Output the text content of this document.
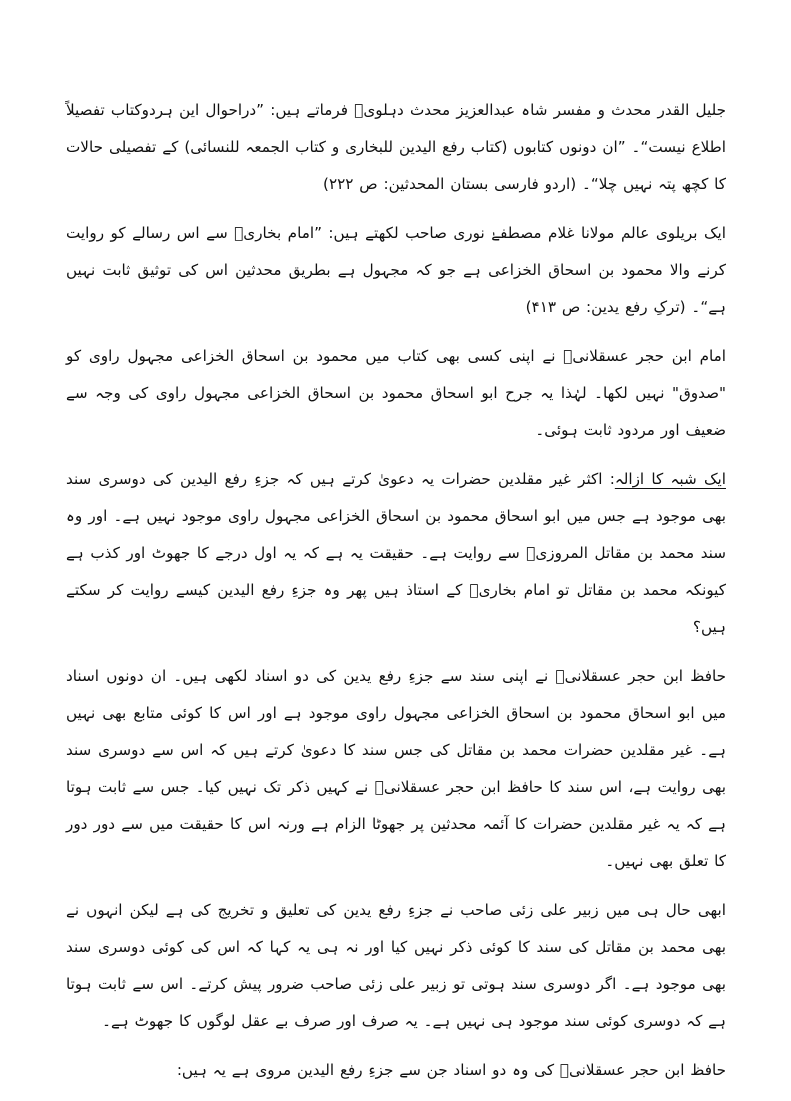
جلیل القدر محدث و مفسر شاہ عبدالعزیز محدث دہلویؒ فرماتے ہیں: ”دراحوال این ہردوکتاب تفصیلاً اطلاع نیست“۔ ”ان دونوں کتابوں (کتاب رفع الیدین للبخاری و کتاب الجمعہ للنسائی) کے تفصیلی حالات کا کچھ پتہ نہیں چلا“۔ (اردو فارسی بستان المحدثین: ص ۲۲۲)

ایک بریلوی عالم مولانا غلام مصطفےٰ نوری صاحب لکھتے ہیں: ”امام بخاریؒ سے اس رسالے کو روایت کرنے والا محمود بن اسحاق الخزاعی ہے جو کہ مجہول ہے بطریق محدثین اس کی توثیق ثابت نہیں ہے“۔ (ترکِ رفع یدین: ص ۴۱۳)

امام ابن حجر عسقلانیؒ نے اپنی کسی بھی کتاب میں محمود بن اسحاق الخزاعی مجہول راوی کو "صدوق" نہیں لکھا۔ لہٰذا یہ جرح ابو اسحاق محمود بن اسحاق الخزاعی مجہول راوی کی وجہ سے ضعیف اور مردود ثابت ہوئی۔

ایک شبہ کا ازالہ: اکثر غیر مقلدین حضرات یہ دعویٰ کرتے ہیں کہ جزءِ رفع الیدین کی دوسری سند بھی موجود ہے جس میں ابو اسحاق محمود بن اسحاق الخزاعی مجہول راوی موجود نہیں ہے۔ اور وہ سند محمد بن مقاتل المروزیؒ سے روایت ہے۔ حقیقت یہ ہے کہ یہ اول درجے کا جھوٹ اور کذب ہے کیونکہ محمد بن مقاتل تو امام بخاریؒ کے استاذ ہیں پھر وہ جزءِ رفع الیدین کیسے روایت کر سکتے ہیں؟

حافظ ابن حجر عسقلانیؒ نے اپنی سند سے جزءِ رفع یدین کی دو اسناد لکھی ہیں۔ ان دونوں اسناد میں ابو اسحاق محمود بن اسحاق الخزاعی مجہول راوی موجود ہے اور اس کا کوئی متابع بھی نہیں ہے۔ غیر مقلدین حضرات محمد بن مقاتل کی جس سند کا دعویٰ کرتے ہیں کہ اس سے دوسری سند بھی روایت ہے، اس سند کا حافظ ابن حجر عسقلانیؒ نے کہیں ذکر تک نہیں کیا۔ جس سے ثابت ہوتا ہے کہ یہ غیر مقلدین حضرات کا آئمہ محدثین پر جھوٹا الزام ہے ورنہ اس کا حقیقت میں سے دور دور کا تعلق بھی نہیں۔

ابھی حال ہی میں زبیر علی زئی صاحب نے جزءِ رفع یدین کی تعلیق و تخریج کی ہے لیکن انہوں نے بھی محمد بن مقاتل کی سند کا کوئی ذکر نہیں کیا اور نہ ہی یہ کہا کہ اس کی کوئی دوسری سند بھی موجود ہے۔ اگر دوسری سند ہوتی تو زبیر علی زئی صاحب ضرور پیش کرتے۔ اس سے ثابت ہوتا ہے کہ دوسری کوئی سند موجود ہی نہیں ہے۔ یہ صرف اور صرف بے عقل لوگوں کا جھوٹ ہے۔

حافظ ابن حجر عسقلانیؒ کی وہ دو اسناد جن سے جزءِ رفع الیدین مروی ہے یہ ہیں:
